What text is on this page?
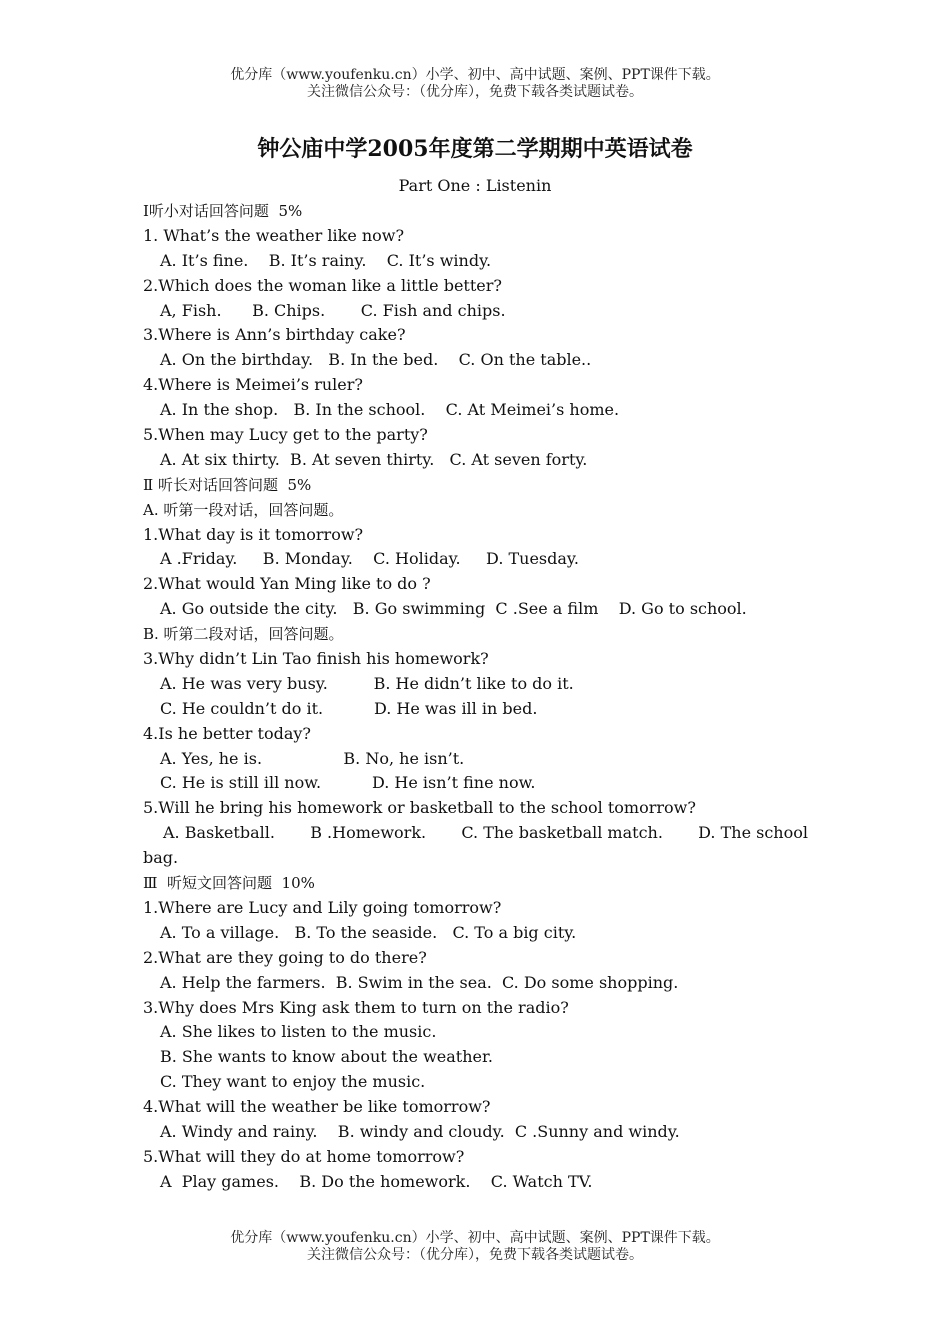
优分库（www.youfenku.cn）小学、初中、高中试题、案例、PPT课件下载。
关注微信公众号：（优分库），免费下载各类试题试卷。
钟公庙中学2005年度第二学期期中英语试卷
Part One : Listenin
Ⅰ听小对话回答问题  5%
1. What’s the weather like now?
A. It’s fine.    B. It’s rainy.    C. It’s windy.
2.Which does the woman like a little better?
A, Fish.      B. Chips.       C. Fish and chips.
3.Where is Ann’s birthday cake?
A. On the birthday.   B. In the bed.    C. On the table..
4.Where is Meimei’s ruler?
A. In the shop.   B. In the school.    C. At Meimei’s home.
5.When may Lucy get to the party?
A. At six thirty.  B. At seven thirty.   C. At seven forty.
Ⅱ 听长对话回答问题  5%
A. 听第一段对话，回答问题。
1.What day is it tomorrow?
A .Friday.     B. Monday.    C. Holiday.     D. Tuesday.
2.What would Yan Ming like to do ?
A. Go outside the city.   B. Go swimming  C .See a film    D. Go to school.
B. 听第二段对话，回答问题。
3.Why didn’t Lin Tao finish his homework?
A. He was very busy.         B. He didn’t like to do it.
C. He couldn’t do it.          D. He was ill in bed.
4.Is he better today?
A. Yes, he is.                B. No, he isn’t.
C. He is still ill now.          D. He isn’t fine now.
5.Will he bring his homework or basketball to the school tomorrow?
A. Basketball. B .Homework. C. The basketball match. D. The school
bag.
Ⅲ  听短文回答问题  10%
1.Where are Lucy and Lily going tomorrow?
A. To a village.   B. To the seaside.   C. To a big city.
2.What are they going to do there?
A. Help the farmers.  B. Swim in the sea.  C. Do some shopping.
3.Why does Mrs King ask them to turn on the radio?
A. She likes to listen to the music.
B. She wants to know about the weather.
C. They want to enjoy the music.
4.What will the weather be like tomorrow?
A. Windy and rainy.    B. windy and cloudy.  C .Sunny and windy.
5.What will they do at home tomorrow?
A  Play games.    B. Do the homework.    C. Watch TV.
优分库（www.youfenku.cn）小学、初中、高中试题、案例、PPT课件下载。
关注微信公众号：（优分库），免费下载各类试题试卷。
